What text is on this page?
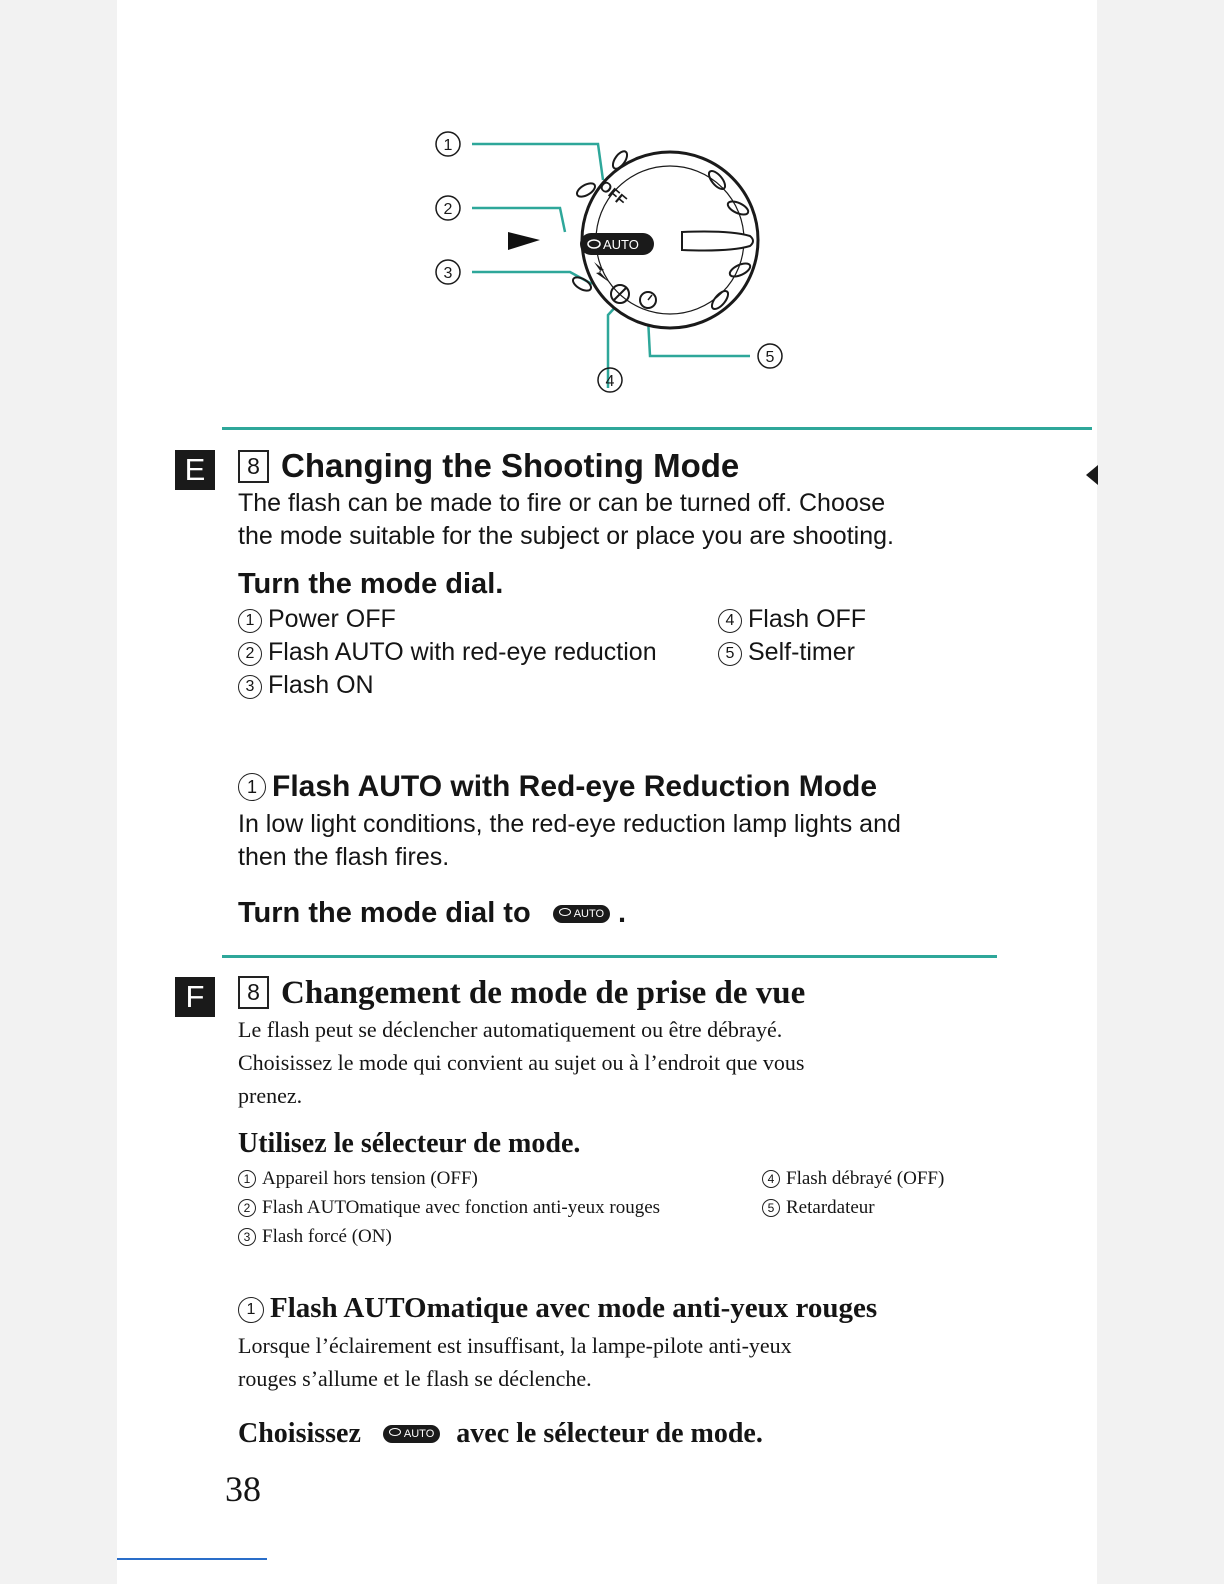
OFF
AUTO
1
2
3
4
5
E	8 Changing the Shooting Mode
The flash can be made to fire or can be turned off. Choose
the mode suitable for the subject or place you are shooting.
Turn the mode dial.
1 Power OFF
2 Flash AUTO with red-eye reduction
3 Flash ON
4 Flash OFF
5 Self-timer
1 Flash AUTO with Red-eye Reduction Mode
In low light conditions, the red-eye reduction lamp lights and
then the flash fires.
Turn the mode dial to	AUTO .
F	8 Changement de mode de prise de vue
Le flash peut se déclencher automatiquement ou être débrayé.
Choisissez le mode qui convient au sujet ou à l’endroit que vous
prenez.
Utilisez le sélecteur de mode.
1 Appareil hors tension (OFF)
2 Flash AUTOmatique avec fonction anti-yeux rouges
3 Flash forcé (ON)
4 Flash débrayé (OFF)
5 Retardateur
1 Flash AUTOmatique avec mode anti-yeux rouges
Lorsque l’éclairement est insuffisant, la lampe-pilote anti-yeux
rouges s’allume et le flash se déclenche.
Choisissez	AUTO avec le sélecteur de mode.
38
